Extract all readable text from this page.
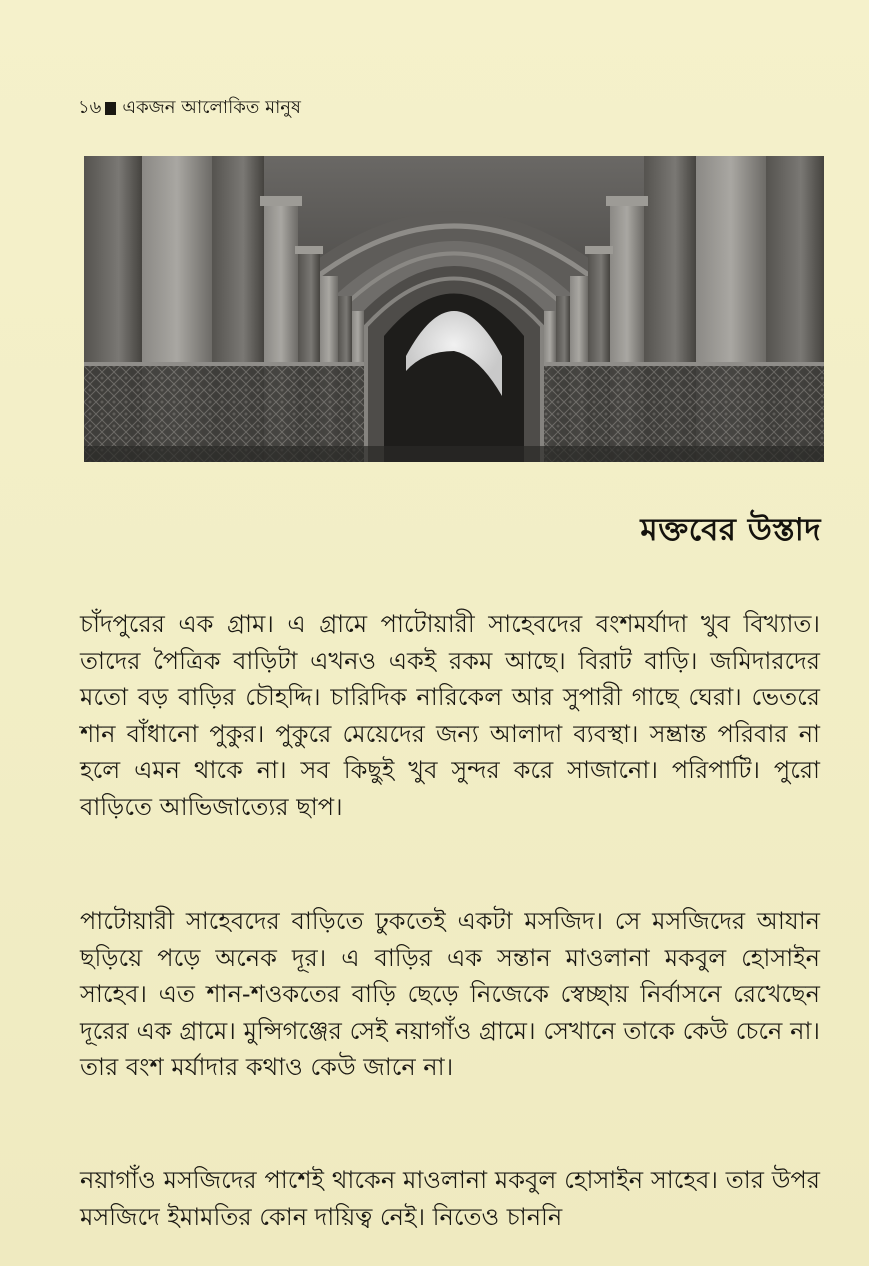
১৬ একজন আলোকিত মানুষ
মক্তবের উস্তাদ

চাঁদপুরের এক গ্রাম। এ গ্রামে পাটোয়ারী সাহেবদের বংশমর্যাদা খুব বিখ্যাত। তাদের পৈত্রিক বাড়িটা এখনও একই রকম আছে। বিরাট বাড়ি। জমিদারদের মতো বড় বাড়ির চৌহদ্দি। চারিদিক নারিকেল আর সুপারী গাছে ঘেরা। ভেতরে শান বাঁধানো পুকুর। পুকুরে মেয়েদের জন্য আলাদা ব্যবস্থা। সম্ভ্রান্ত পরিবার না হলে এমন থাকে না। সব কিছুই খুব সুন্দর করে সাজানো। পরিপাটি। পুরো বাড়িতে আভিজাত্যের ছাপ।

পাটোয়ারী সাহেবদের বাড়িতে ঢুকতেই একটা মসজিদ। সে মসজিদের আযান ছড়িয়ে পড়ে অনেক দূর। এ বাড়ির এক সন্তান মাওলানা মকবুল হোসাইন সাহেব। এত শান-শওকতের বাড়ি ছেড়ে নিজেকে স্বেচ্ছায় নির্বাসনে রেখেছেন দূরের এক গ্রামে। মুন্সিগঞ্জের সেই নয়াগাঁও গ্রামে। সেখানে তাকে কেউ চেনে না। তার বংশ মর্যাদার কথাও কেউ জানে না।

নয়াগাঁও মসজিদের পাশেই থাকেন মাওলানা মকবুল হোসাইন সাহেব। তার উপর মসজিদে ইমামতির কোন দায়িত্ব নেই। নিতেও চাননি
